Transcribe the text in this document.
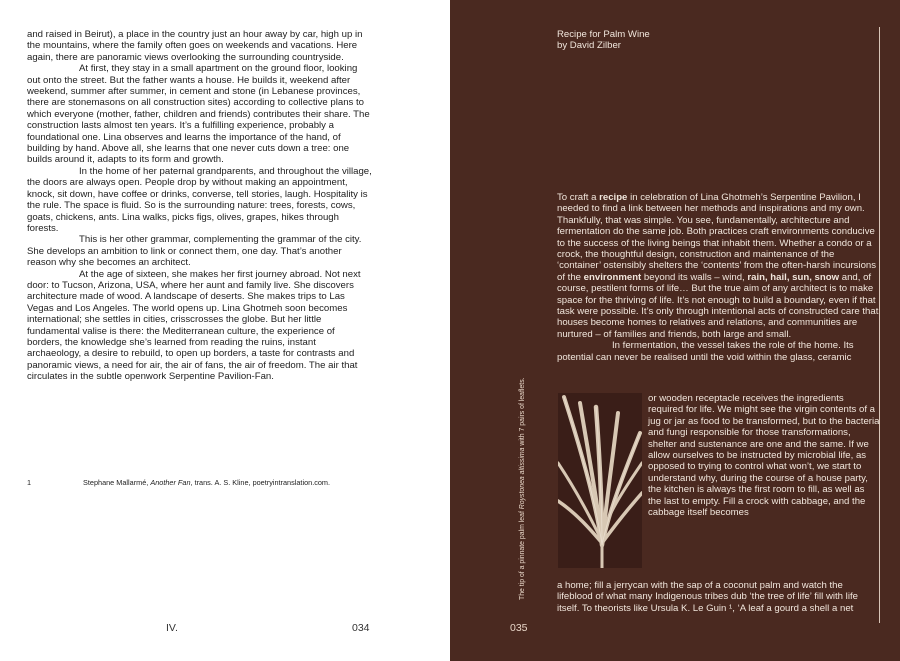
and raised in Beirut), a place in the country just an hour away by car, high up in the mountains, where the family often goes on weekends and vacations. Here again, there are panoramic views overlooking the surrounding countryside.

At first, they stay in a small apartment on the ground floor, looking out onto the street. But the father wants a house. He builds it, weekend after weekend, summer after summer, in cement and stone (in Lebanese provinces, there are stonemasons on all construction sites) according to collective plans to which everyone (mother, father, children and friends) contributes their share. The construction lasts almost ten years. It’s a fulfilling experience, probably a foundational one. Lina observes and learns the importance of the hand, of building by hand. Above all, she learns that one never cuts down a tree: one builds around it, adapts to its form and growth.

In the home of her paternal grandparents, and throughout the village, the doors are always open. People drop by without making an appointment, knock, sit down, have coffee or drinks, converse, tell stories, laugh. Hospitality is the rule. The space is fluid. So is the surrounding nature: trees, forests, cows, goats, chickens, ants. Lina walks, picks figs, olives, grapes, hikes through forests.

This is her other grammar, complementing the grammar of the city. She develops an ambition to link or connect them, one day. That’s another reason why she becomes an architect.

At the age of sixteen, she makes her first journey abroad. Not next door: to Tucson, Arizona, USA, where her aunt and family live. She discovers architecture made of wood. A landscape of deserts. She makes trips to Las Vegas and Los Angeles. The world opens up. Lina Ghotmeh soon becomes international; she settles in cities, crisscrosses the globe. But her little fundamental valise is there: the Mediterranean culture, the experience of borders, the knowledge she’s learned from reading the ruins, instant archaeology, a desire to rebuild, to open up borders, a taste for contrasts and panoramic views, a need for air, the air of fans, the air of freedom. The air that circulates in the subtle openwork Serpentine Pavilion-Fan.

1	Stephane Mallarmé, Another Fan, trans. A. S. Kline, poetryintranslation.com.
IV.	034
Recipe for Palm Wine
by David Zilber

To craft a recipe in celebration of Lina Ghotmeh’s Serpentine Pavilion, I needed to find a link between her methods and inspirations and my own. Thankfully, that was simple. You see, fundamentally, architecture and fermentation do the same job. Both practices craft environments conducive to the success of the living beings that inhabit them. Whether a condo or a crock, the thoughtful design, construction and maintenance of the ‘container’ ostensibly shelters the ‘contents’ from the often-harsh incursions of the environment beyond its walls – wind, rain, hail, sun, snow and, of course, pestilent forms of life… But the true aim of any architect is to make space for the thriving of life. It’s not enough to build a boundary, even if that task were possible. It’s only through intentional acts of constructed care that houses become homes to relatives and relations, and communities are nurtured – of families and friends, both large and small.

In fermentation, the vessel takes the role of the home. Its potential can never be realised until the void within the glass, ceramic

or wooden receptacle receives the ingredients required for life. We might see the virgin contents of a jug or jar as food to be transformed, but to the bacteria and fungi responsible for those transformations, shelter and sustenance are one and the same. If we allow ourselves to be instructed by microbial life, as opposed to trying to control what won’t, we start to understand why, during the course of a house party, the kitchen is always the first room to fill, as well as the last to empty. Fill a crock with cabbage, and the cabbage itself becomes

a home; fill a jerrycan with the sap of a coconut palm and watch the lifeblood of what many Indigenous tribes dub ‘the tree of life’ fill with life itself. To theorists like Ursula K. Le Guin ¹, ‘A leaf a gourd a shell a net

The tip of a pinnate palm leaf Roystonea altissima with 7 pairs of leaflets.
035
